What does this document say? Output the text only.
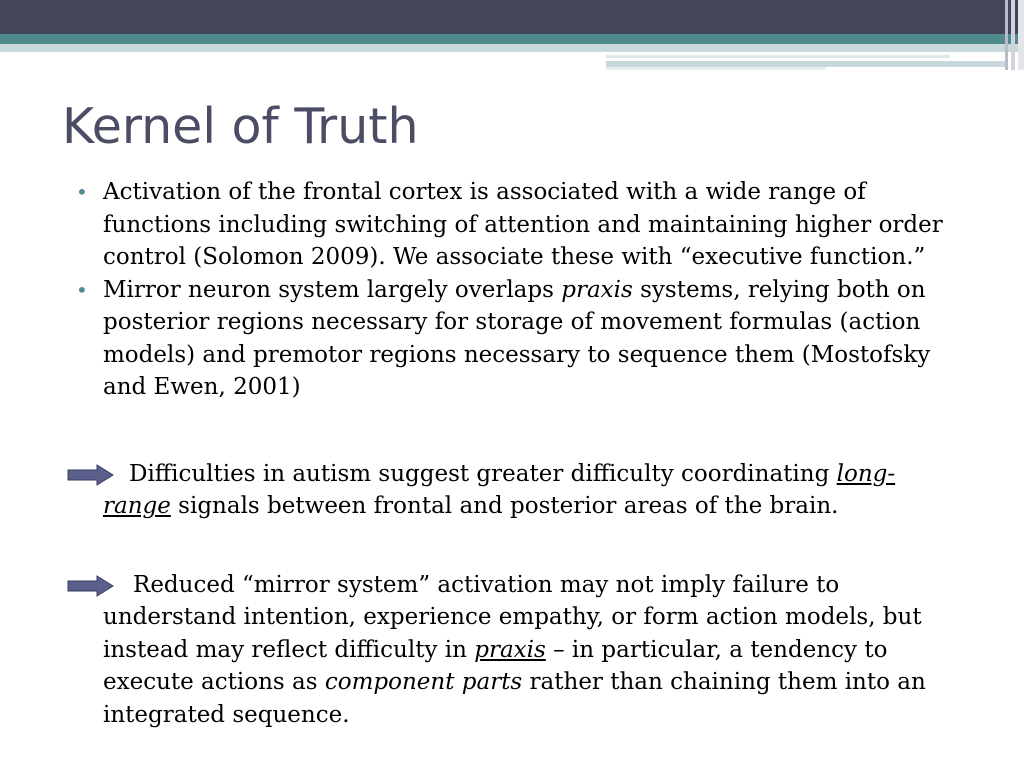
Kernel of Truth

• Activation of the frontal cortex is associated with a wide range of functions including switching of attention and maintaining higher order control (Solomon 2009). We associate these with “executive function.”

• Mirror neuron system largely overlaps praxis systems, relying both on posterior regions necessary for storage of movement formulas (action models) and premotor regions necessary to sequence them (Mostofsky and Ewen, 2001)

Difficulties in autism suggest greater difficulty coordinating long-range signals between frontal and posterior areas of the brain.

Reduced “mirror system” activation may not imply failure to understand intention, experience empathy, or form action models, but instead may reflect difficulty in praxis – in particular, a tendency to execute actions as component parts rather than chaining them into an integrated sequence.
